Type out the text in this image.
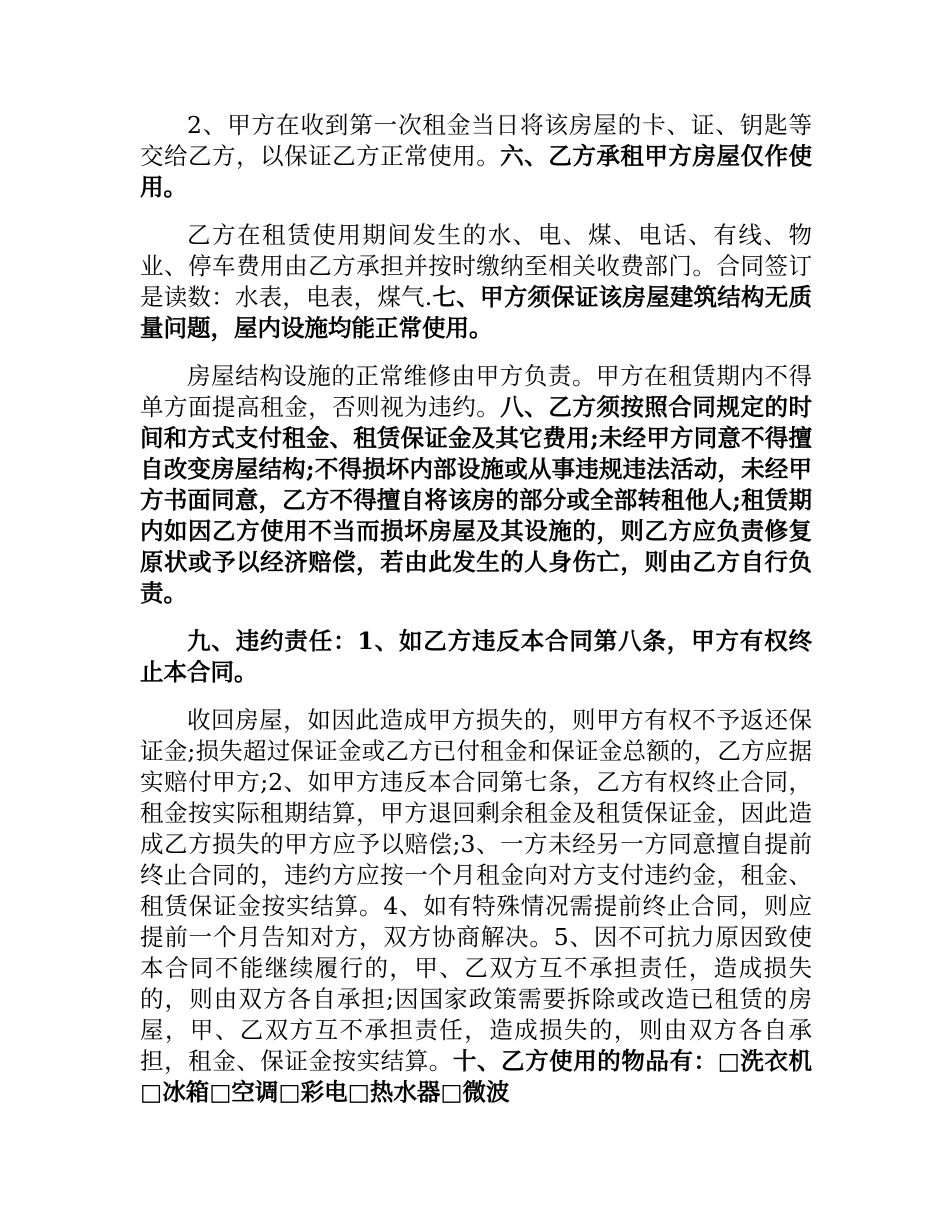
2、甲方在收到第一次租金当日将该房屋的卡、证、钥匙等交给乙方，以保证乙方正常使用。六、乙方承租甲方房屋仅作使用。

乙方在租赁使用期间发生的水、电、煤、电话、有线、物业、停车费用由乙方承担并按时缴纳至相关收费部门。合同签订是读数：水表，电表，煤气.七、甲方须保证该房屋建筑结构无质量问题，屋内设施均能正常使用。

房屋结构设施的正常维修由甲方负责。甲方在租赁期内不得单方面提高租金，否则视为违约。八、乙方须按照合同规定的时间和方式支付租金、租赁保证金及其它费用;未经甲方同意不得擅自改变房屋结构;不得损坏内部设施或从事违规违法活动，未经甲方书面同意，乙方不得擅自将该房的部分或全部转租他人;租赁期内如因乙方使用不当而损坏房屋及其设施的，则乙方应负责修复原状或予以经济赔偿，若由此发生的人身伤亡，则由乙方自行负责。

九、违约责任：1、如乙方违反本合同第八条，甲方有权终止本合同。

收回房屋，如因此造成甲方损失的，则甲方有权不予返还保证金;损失超过保证金或乙方已付租金和保证金总额的，乙方应据实赔付甲方;2、如甲方违反本合同第七条，乙方有权终止合同，租金按实际租期结算，甲方退回剩余租金及租赁保证金，因此造成乙方损失的甲方应予以赔偿;3、一方未经另一方同意擅自提前终止合同的，违约方应按一个月租金向对方支付违约金，租金、租赁保证金按实结算。4、如有特殊情况需提前终止合同，则应提前一个月告知对方，双方协商解决。5、因不可抗力原因致使本合同不能继续履行的，甲、乙双方互不承担责任，造成损失的，则由双方各自承担;因国家政策需要拆除或改造已租赁的房屋，甲、乙双方互不承担责任，造成损失的，则由双方各自承担，租金、保证金按实结算。十、乙方使用的物品有：□洗衣机□冰箱□空调□彩电□热水器□微波
